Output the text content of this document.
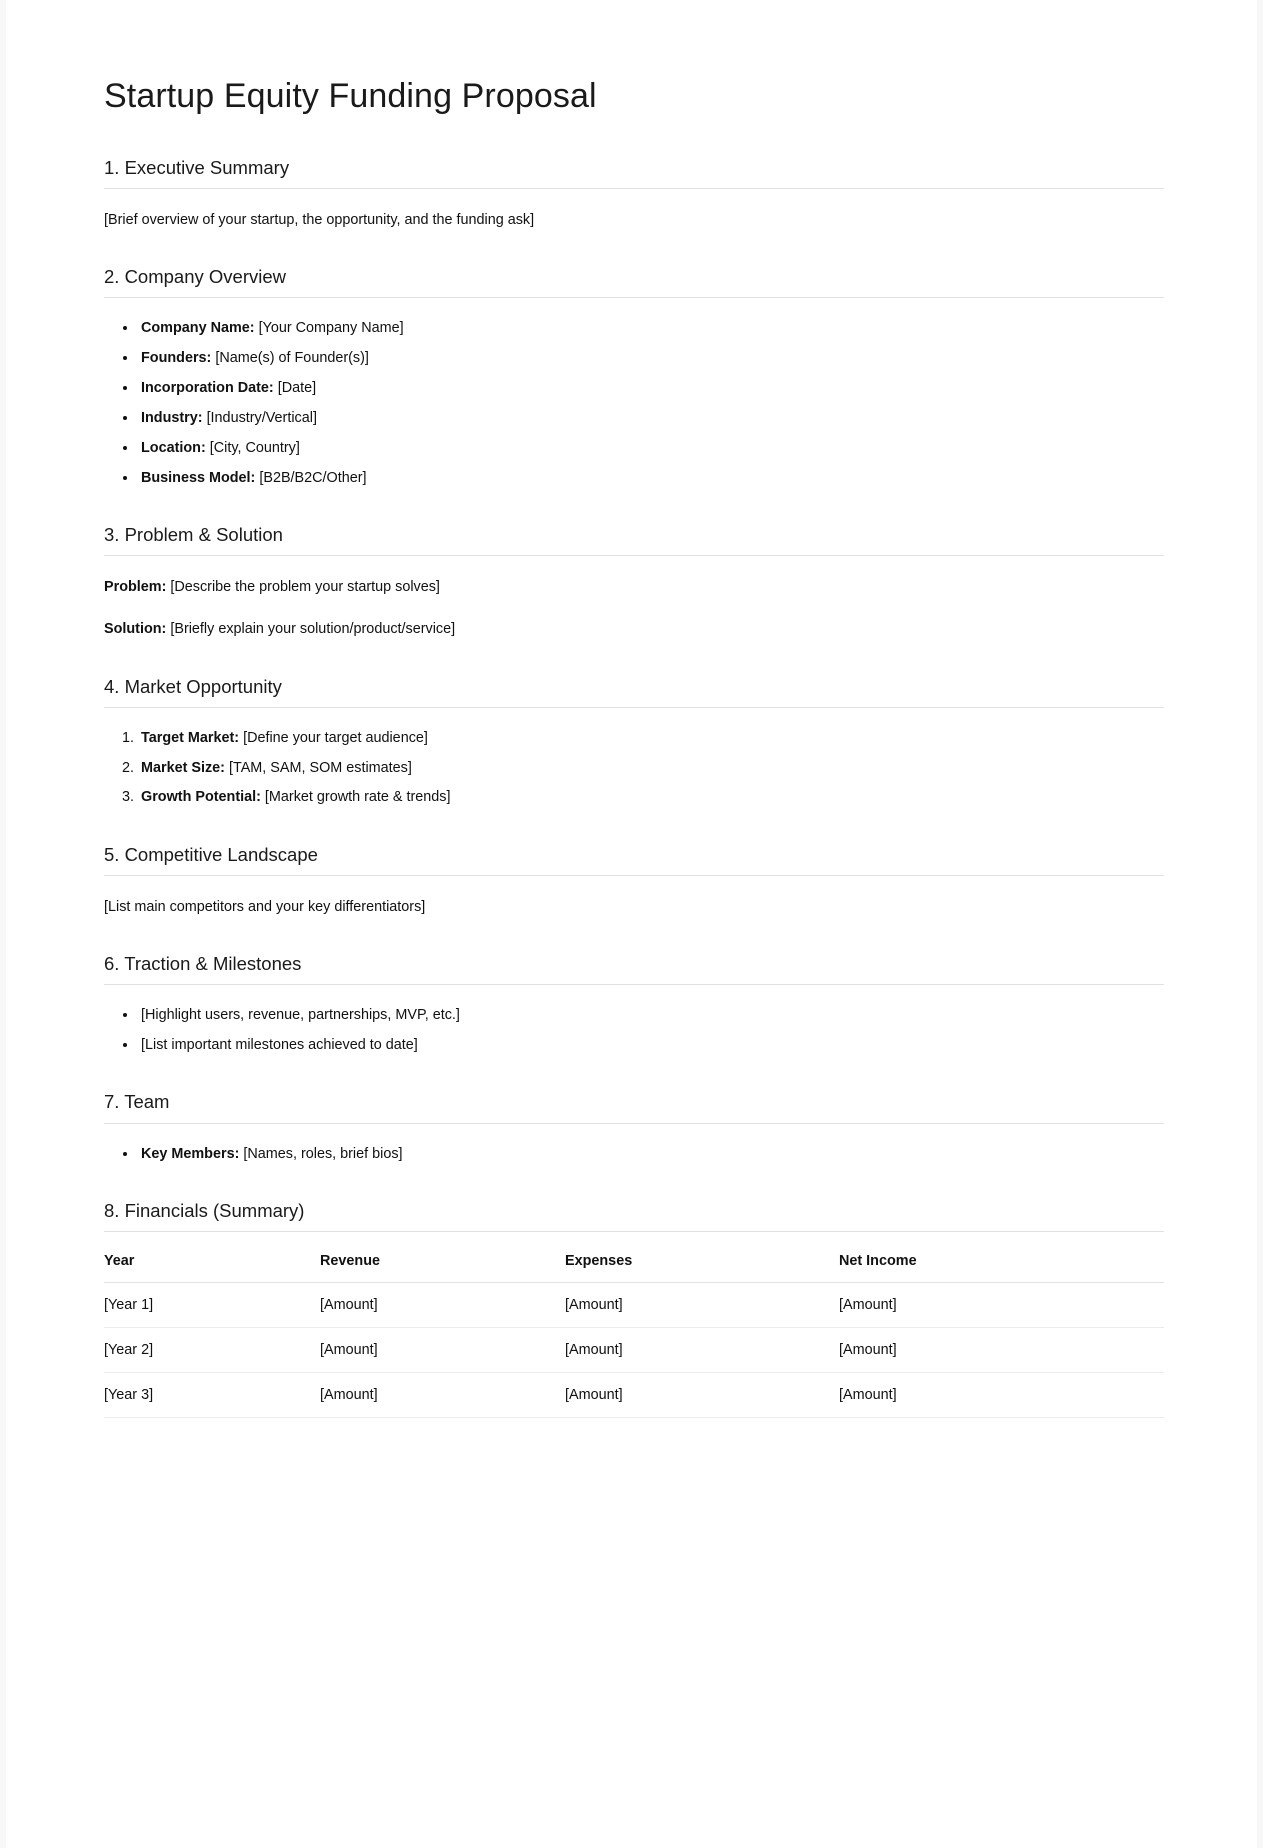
Startup Equity Funding Proposal
1. Executive Summary

[Brief overview of your startup, the opportunity, and the funding ask]

2. Company Overview
• Company Name: [Your Company Name]
• Founders: [Name(s) of Founder(s)]
• Incorporation Date: [Date]
• Industry: [Industry/Vertical]
• Location: [City, Country]
• Business Model: [B2B/B2C/Other]
3. Problem & Solution

Problem: [Describe the problem your startup solves]

Solution: [Briefly explain your solution/product/service]

4. Market Opportunity
1. Target Market: [Define your target audience]
2. Market Size: [TAM, SAM, SOM estimates]
3. Growth Potential: [Market growth rate & trends]
5. Competitive Landscape

[List main competitors and your key differentiators]

6. Traction & Milestones
• [Highlight users, revenue, partnerships, MVP, etc.]
• [List important milestones achieved to date]
7. Team
• Key Members: [Names, roles, brief bios]
8. Financials (Summary)
Year	Revenue	Expenses	Net Income
[Year 1]	[Amount]	[Amount]	[Amount]
[Year 2]	[Amount]	[Amount]	[Amount]
[Year 3]	[Amount]	[Amount]	[Amount]
